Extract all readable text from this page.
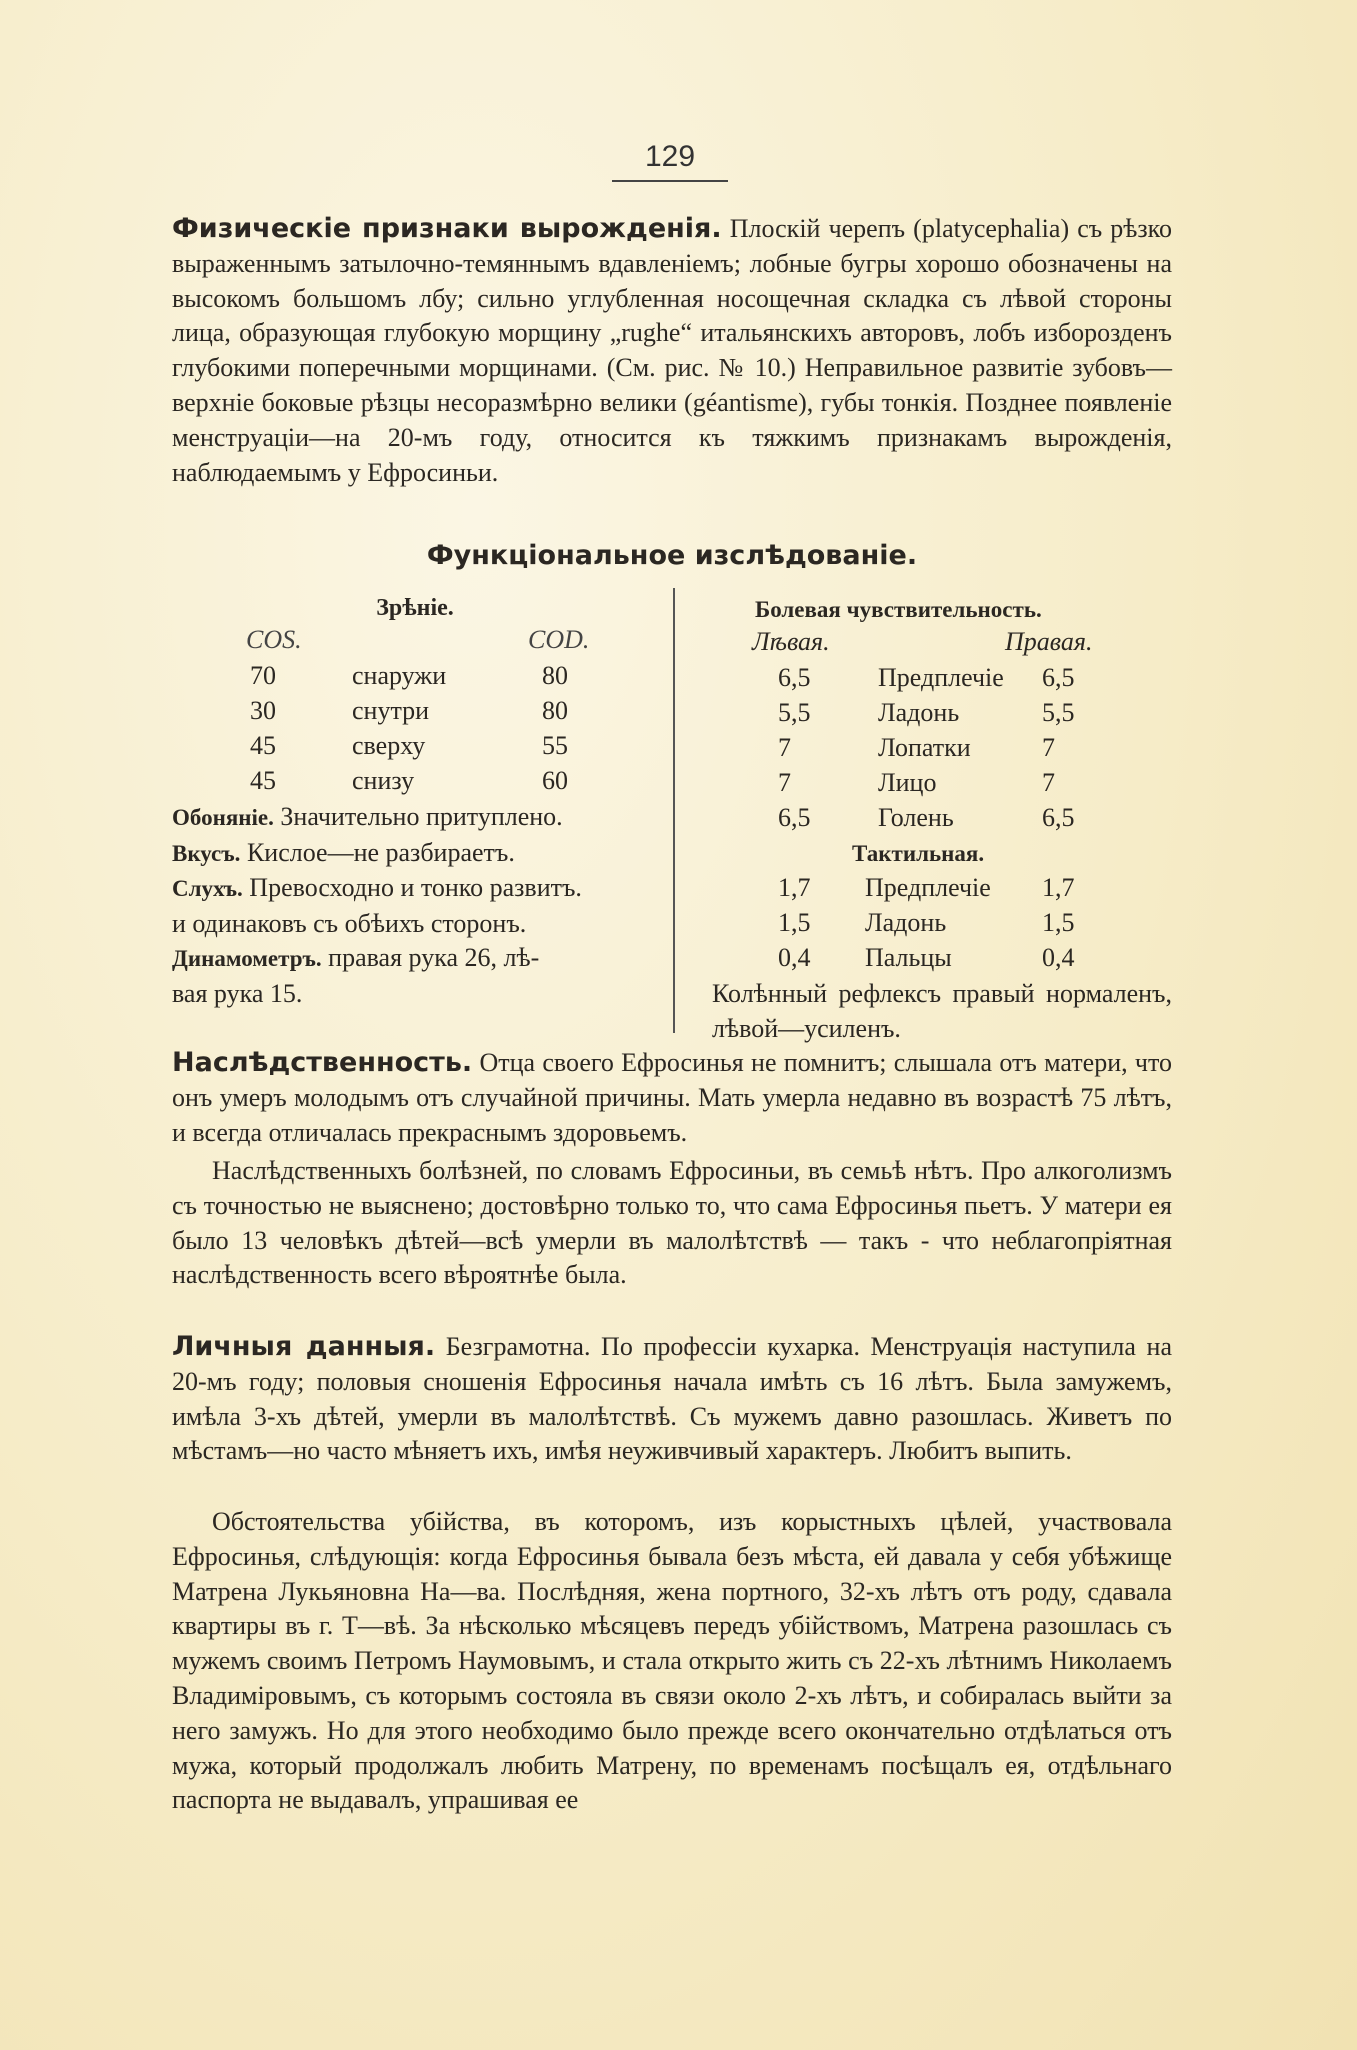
129
Физическіе признаки вырожденія. Плоскій черепъ (platycephalia) съ рѣзко выраженнымъ затылочно-темяннымъ вдавленіемъ; лобные бугры хорошо обозначены на высокомъ большомъ лбу; сильно углубленная носощечная складка съ лѣвой стороны лица, образующая глубокую морщину „rughe“ итальянскихъ авторовъ, лобъ изборозденъ глубокими поперечными морщинами. (См. рис. № 10.) Неправильное развитіе зубовъ—верхніе боковые рѣзцы несоразмѣрно велики (géantisme), губы тонкія. Позднее появленіе менструаціи—на 20-мъ году, относится къ тяжкимъ признакамъ вырожденія, наблюдаемымъ у Ефросиньи.
Функціональное изслѣдованіе.
Зрѣніе.
COS.	COD.
70	снаружи	80
30	снутри	80
45	сверху	55
45	снизу	60
Обоняніе. Значительно притуплено.
Вкусъ. Кислое—не разбираетъ.
Слухъ. Превосходно и тонко развитъ.
и одинаковъ съ обѣихъ сторонъ.
Динамометръ. правая рука 26, лѣ-
вая рука 15.
Болевая чувствительность.
Лѣвая.	Правая.
6,5	Предплечіе 6,5
5,5	Ладонь	5,5
7	Лопатки	7
7	Лицо	7
6,5	Голень	6,5
Тактильная.
1,7 Предплечіе 1,7
1,5 Ладонь	1,5
0,4 Пальцы	0,4
Колѣнный рефлексъ правый нормаленъ, лѣвой—усиленъ.
Наслѣдственность. Отца своего Ефросинья не помнитъ; слышала отъ матери, что онъ умеръ молодымъ отъ случайной причины. Мать умерла недавно въ возрастѣ 75 лѣтъ, и всегда отличалась прекраснымъ здоровьемъ.
Наслѣдственныхъ болѣзней, по словамъ Ефросиньи, въ семьѣ нѣтъ. Про алкоголизмъ съ точностью не выяснено; достовѣрно только то, что сама Ефросинья пьетъ. У матери ея было 13 человѣкъ дѣтей—всѣ умерли въ малолѣтствѣ — такъ - что неблагопріятная наслѣдственность всего вѣроятнѣе была.
Личныя данныя. Безграмотна. По профессіи кухарка. Менструація наступила на 20-мъ году; половыя сношенія Ефросинья начала имѣть съ 16 лѣтъ. Была замужемъ, имѣла 3-хъ дѣтей, умерли въ малолѣтствѣ. Съ мужемъ давно разошлась. Живетъ по мѣстамъ—но часто мѣняетъ ихъ, имѣя неуживчивый характеръ. Любитъ выпить.
Обстоятельства убійства, въ которомъ, изъ корыстныхъ цѣлей, участвовала Ефросинья, слѣдующія: когда Ефросинья бывала безъ мѣста, ей давала у себя убѣжище Матрена Лукьяновна На—ва. Послѣдняя, жена портного, 32-хъ лѣтъ отъ роду, сдавала квартиры въ г. Т—вѣ. За нѣсколько мѣсяцевъ передъ убійствомъ, Матрена разошлась съ мужемъ своимъ Петромъ Наумовымъ, и стала открыто жить съ 22-хъ лѣтнимъ Николаемъ Владиміровымъ, съ которымъ состояла въ связи около 2-хъ лѣтъ, и собиралась выйти за него замужъ. Но для этого необходимо было прежде всего окончательно отдѣлаться отъ мужа, который продолжалъ любить Матрену, по временамъ посѣщалъ ея, отдѣльнаго паспорта не выдавалъ, упрашивая ее
